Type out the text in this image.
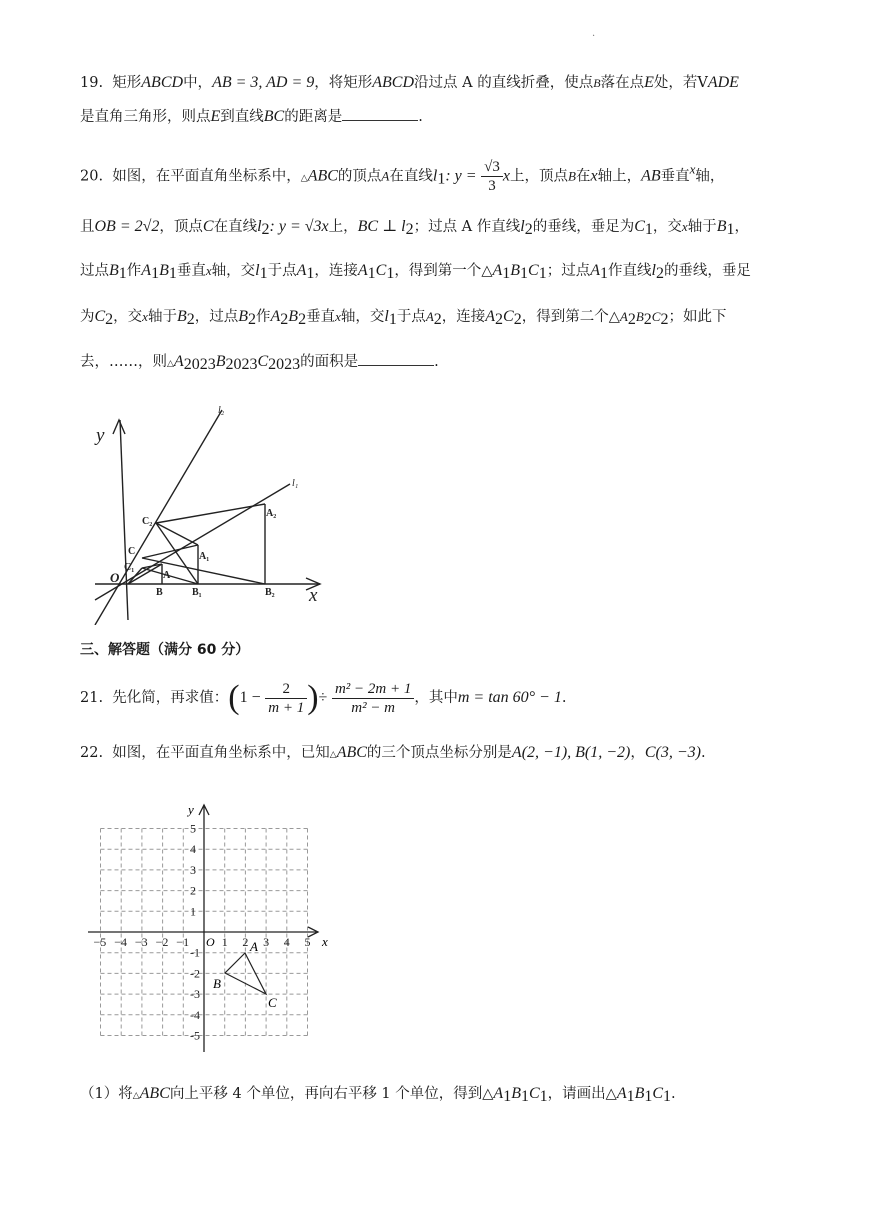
.
19. 矩形ABCD中，AB = 3, AD = 9，将矩形ABCD沿过点 A 的直线折叠，使点B落在点E处，若VADE
是直角三角形，则点E到直线BC的距离是	.
20. 如图，在平面直角坐标系中，△ABC的顶点A在直线$l_1$: $y = \frac{√3}{3}$ x上，顶点B在x轴上，AB垂直$^x$轴，
且OB = 2√2，顶点C在直线$l_2$: y = √3x上，BC ⊥ $l_2$；过点 A 作直线$l_2$的垂线，垂足为$C_1$，交x轴于$B_1$，
过点$B_1$作$A_1B_1$垂直x轴，交$l_1$于点$A_1$，连接$A_1C_1$，得到第一个$\triangle A_1B_1C_1$；过点$A_1$作直线$l_2$的垂线，垂足
为$C_2$，交x轴于$B_2$，过点$B_2$作$A_2B_2$垂直x轴，交$l_1$于点$A_2$，连接$A_2C_2$，得到第二个$\triangle A_2B_2C_2$；如此下
去，……，则$\triangle A_{2023}B_{2023}C_{2023}$的面积是	.
y
x
O
l₂
l₁
C₂
A₂
C	A₁
C₁
A
B	B₁	B₂
三、解答题（满分 60 分）
21. 先化简，再求值：($1 - \frac{2}{m + 1}$ )÷ $\frac{\text{m² − 2m + 1}}{\text{m² − m}}$ ，其中m = tan 60° − 1.
22. 如图，在平面直角坐标系中，已知△ABC的三个顶点坐标分别是A(2, −1), B(1, −2)，C(3, −3).
−5 −4 −3 −2 −1	1 2 3 4 5
5
4
3
2
1
-1
-2
-3
-4
-5
y
x
O	A
B
C
（1）将△ABC向上平移 4 个单位，再向右平移 1 个单位，得到$\triangle A_1B_1C_1$，请画出$\triangle A_1B_1C_1$.
